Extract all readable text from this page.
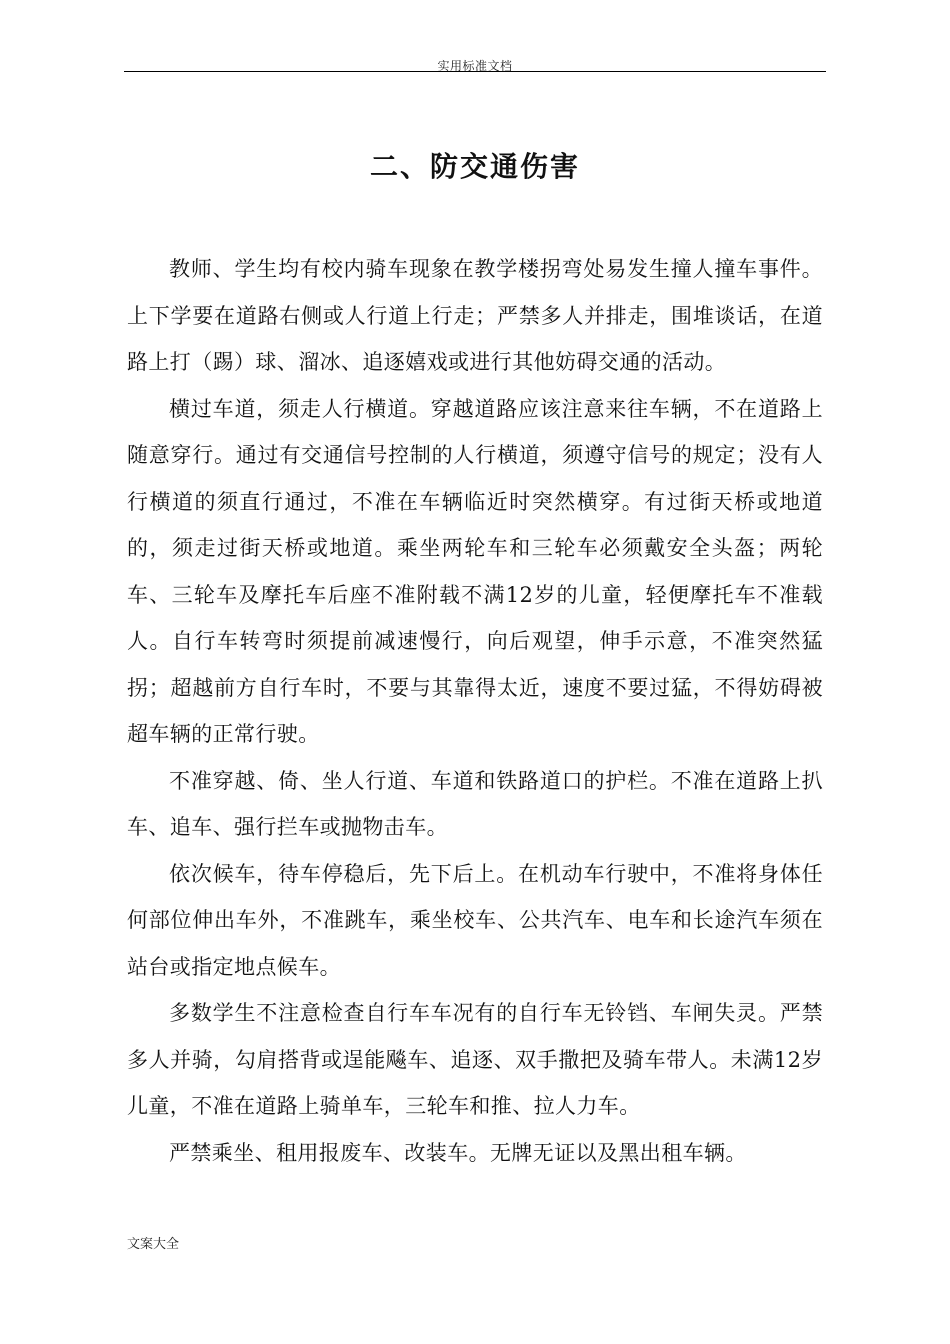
实用标准文档
二、防交通伤害

教师、学生均有校内骑车现象在教学楼拐弯处易发生撞人撞车事件。上下学要在道路右侧或人行道上行走；严禁多人并排走，围堆谈话，在道路上打（踢）球、溜冰、追逐嬉戏或进行其他妨碍交通的活动。

横过车道，须走人行横道。穿越道路应该注意来往车辆，不在道路上随意穿行。通过有交通信号控制的人行横道，须遵守信号的规定；没有人行横道的须直行通过，不准在车辆临近时突然横穿。有过街天桥或地道的，须走过街天桥或地道。乘坐两轮车和三轮车必须戴安全头盔；两轮车、三轮车及摩托车后座不准附载不满12岁的儿童，轻便摩托车不准载人。自行车转弯时须提前减速慢行，向后观望，伸手示意，不准突然猛拐；超越前方自行车时，不要与其靠得太近，速度不要过猛，不得妨碍被超车辆的正常行驶。

不准穿越、倚、坐人行道、车道和铁路道口的护栏。不准在道路上扒车、追车、强行拦车或抛物击车。

依次候车，待车停稳后，先下后上。在机动车行驶中，不准将身体任何部位伸出车外，不准跳车，乘坐校车、公共汽车、电车和长途汽车须在站台或指定地点候车。

多数学生不注意检查自行车车况有的自行车无铃铛、车闸失灵。严禁多人并骑，勾肩搭背或逞能飚车、追逐、双手撒把及骑车带人。未满12岁儿童，不准在道路上骑单车，三轮车和推、拉人力车。

严禁乘坐、租用报废车、改装车。无牌无证以及黑出租车辆。

文案大全
